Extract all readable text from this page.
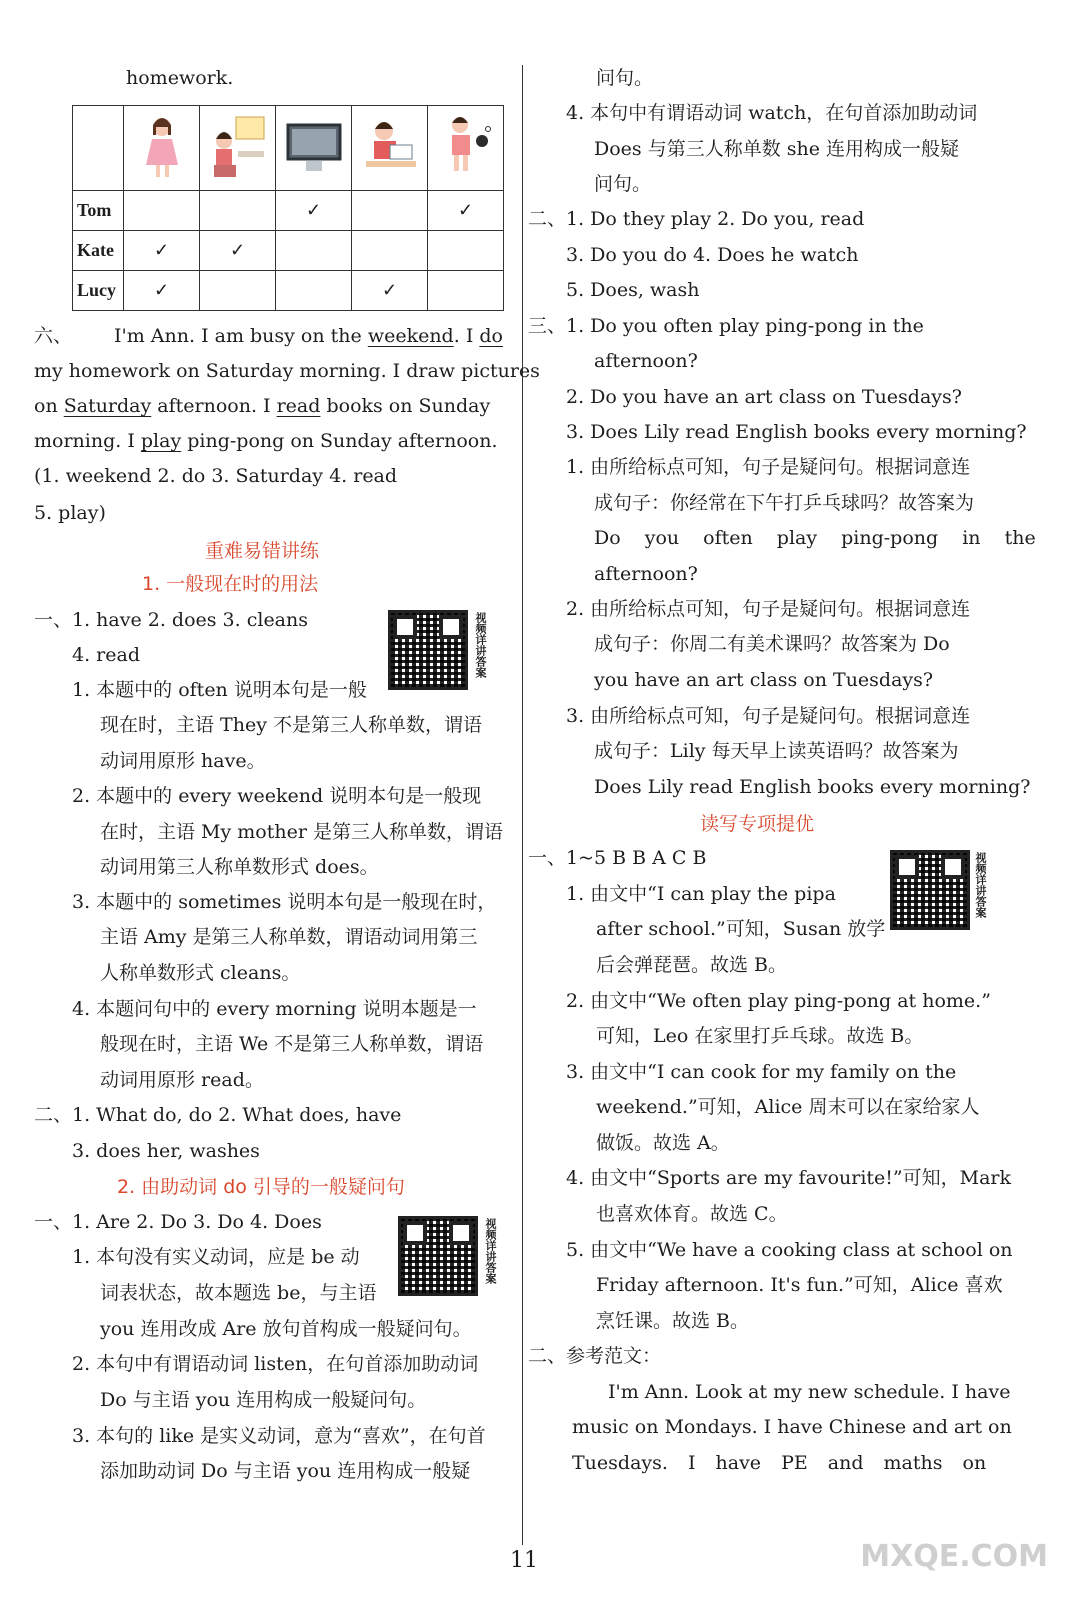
homework.

Tom			✓		✓
Kate	✓	✓			
Lucy	✓			✓	
六、 I'm Ann. I am busy on the weekend. I do
my homework on Saturday morning. I draw pictures
on Saturday afternoon. I read books on Sunday
morning. I play ping-pong on Sunday afternoon.
(1. weekend 2. do 3. Saturday 4. read
5. play)
重难易错讲练
1. 一般现在时的用法
视频详讲答案
一、1. have 2. does 3. cleans
4. read
1. 本题中的 often 说明本句是一般
现在时，主语 They 不是第三人称单数，谓语
动词用原形 have。
2. 本题中的 every weekend 说明本句是一般现
在时，主语 My mother 是第三人称单数，谓语
动词用第三人称单数形式 does。
3. 本题中的 sometimes 说明本句是一般现在时，
主语 Amy 是第三人称单数，谓语动词用第三
人称单数形式 cleans。
4. 本题问句中的 every morning 说明本题是一
般现在时，主语 We 不是第三人称单数，谓语
动词用原形 read。
二、1. What do, do 2. What does, have
3. does her, washes
2. 由助动词 do 引导的一般疑问句
视频详讲答案
一、1. Are 2. Do 3. Do 4. Does
1. 本句没有实义动词，应是 be 动
词表状态，故本题选 be，与主语
you 连用改成 Are 放句首构成一般疑问句。
2. 本句中有谓语动词 listen，在句首添加助动词
Do 与主语 you 连用构成一般疑问句。
3. 本句的 like 是实义动词，意为“喜欢”，在句首
添加助动词 Do 与主语 you 连用构成一般疑
问句。
4. 本句中有谓语动词 watch，在句首添加助动词
Does 与第三人称单数 she 连用构成一般疑
问句。
二、1. Do they play 2. Do you, read
3. Do you do 4. Does he watch
5. Does, wash
三、1. Do you often play ping-pong in the
afternoon?
2. Do you have an art class on Tuesdays?
3. Does Lily read English books every morning?
1. 由所给标点可知，句子是疑问句。根据词意连
成句子：你经常在下午打乒乓球吗？故答案为
Do you often play ping-pong in the
afternoon?
2. 由所给标点可知，句子是疑问句。根据词意连
成句子：你周二有美术课吗？故答案为 Do
you have an art class on Tuesdays?
3. 由所给标点可知，句子是疑问句。根据词意连
成句子：Lily 每天早上读英语吗？故答案为
Does Lily read English books every morning?
读写专项提优
视频详讲答案
一、1~5 B B A C B
1. 由文中“I can play the pipa
after school.”可知，Susan 放学
后会弹琵琶。故选 B。
2. 由文中“We often play ping-pong at home.”
可知，Leo 在家里打乒乓球。故选 B。
3. 由文中“I can cook for my family on the
weekend.”可知，Alice 周末可以在家给家人
做饭。故选 A。
4. 由文中“Sports are my favourite!”可知，Mark
也喜欢体育。故选 C。
5. 由文中“We have a cooking class at school on
Friday afternoon. It's fun.”可知，Alice 喜欢
烹饪课。故选 B。
二、参考范文：
I'm Ann. Look at my new schedule. I have
music on Mondays. I have Chinese and art on
Tuesdays. I have PE and maths on
11	MXQE.COM
